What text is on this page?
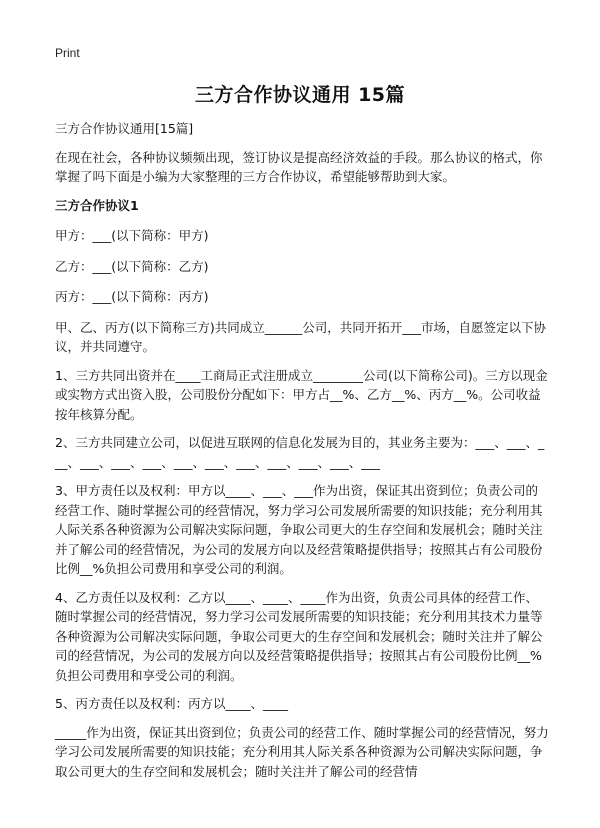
Print
三方合作协议通用 15篇

三方合作协议通用[15篇]

在现在社会，各种协议频频出现，签订协议是提高经济效益的手段。那么协议的格式，你掌握了吗下面是小编为大家整理的三方合作协议，希望能够帮助到大家。

三方合作协议1

甲方：___(以下简称：甲方)

乙方：___(以下简称：乙方)

丙方：___(以下简称：丙方)

甲、乙、丙方(以下简称三方)共同成立______公司，共同开拓开___市场，自愿签定以下协议，并共同遵守。

1、三方共同出资并在____工商局正式注册成立________公司(以下简称公司)。三方以现金或实物方式出资入股，公司股份分配如下：甲方占__%、乙方__%、丙方__%。公司收益按年核算分配。

2、三方共同建立公司，以促进互联网的信息化发展为目的，其业务主要为：___、___、___、___、___、___、___、___、___、___、___、___、___

3、甲方责任以及权利：甲方以____、___、___作为出资，保证其出资到位；负责公司的经营工作、随时掌握公司的经营情况，努力学习公司发展所需要的知识技能；充分利用其人际关系各种资源为公司解决实际问题，争取公司更大的生存空间和发展机会；随时关注并了解公司的经营情况，为公司的发展方向以及经营策略提供指导；按照其占有公司股份比例__%负担公司费用和享受公司的利润。

4、乙方责任以及权利：乙方以____、____、____作为出资，负责公司具体的经营工作、随时掌握公司的经营情况，努力学习公司发展所需要的知识技能；充分利用其技术力量等各种资源为公司解决实际问题，争取公司更大的生存空间和发展机会；随时关注并了解公司的经营情况，为公司的发展方向以及经营策略提供指导；按照其占有公司股份比例__%负担公司费用和享受公司的利润。

5、丙方责任以及权利：丙方以____、____

_____作为出资，保证其出资到位；负责公司的经营工作、随时掌握公司的经营情况，努力学习公司发展所需要的知识技能；充分利用其人际关系各种资源为公司解决实际问题，争取公司更大的生存空间和发展机会；随时关注并了解公司的经营情
